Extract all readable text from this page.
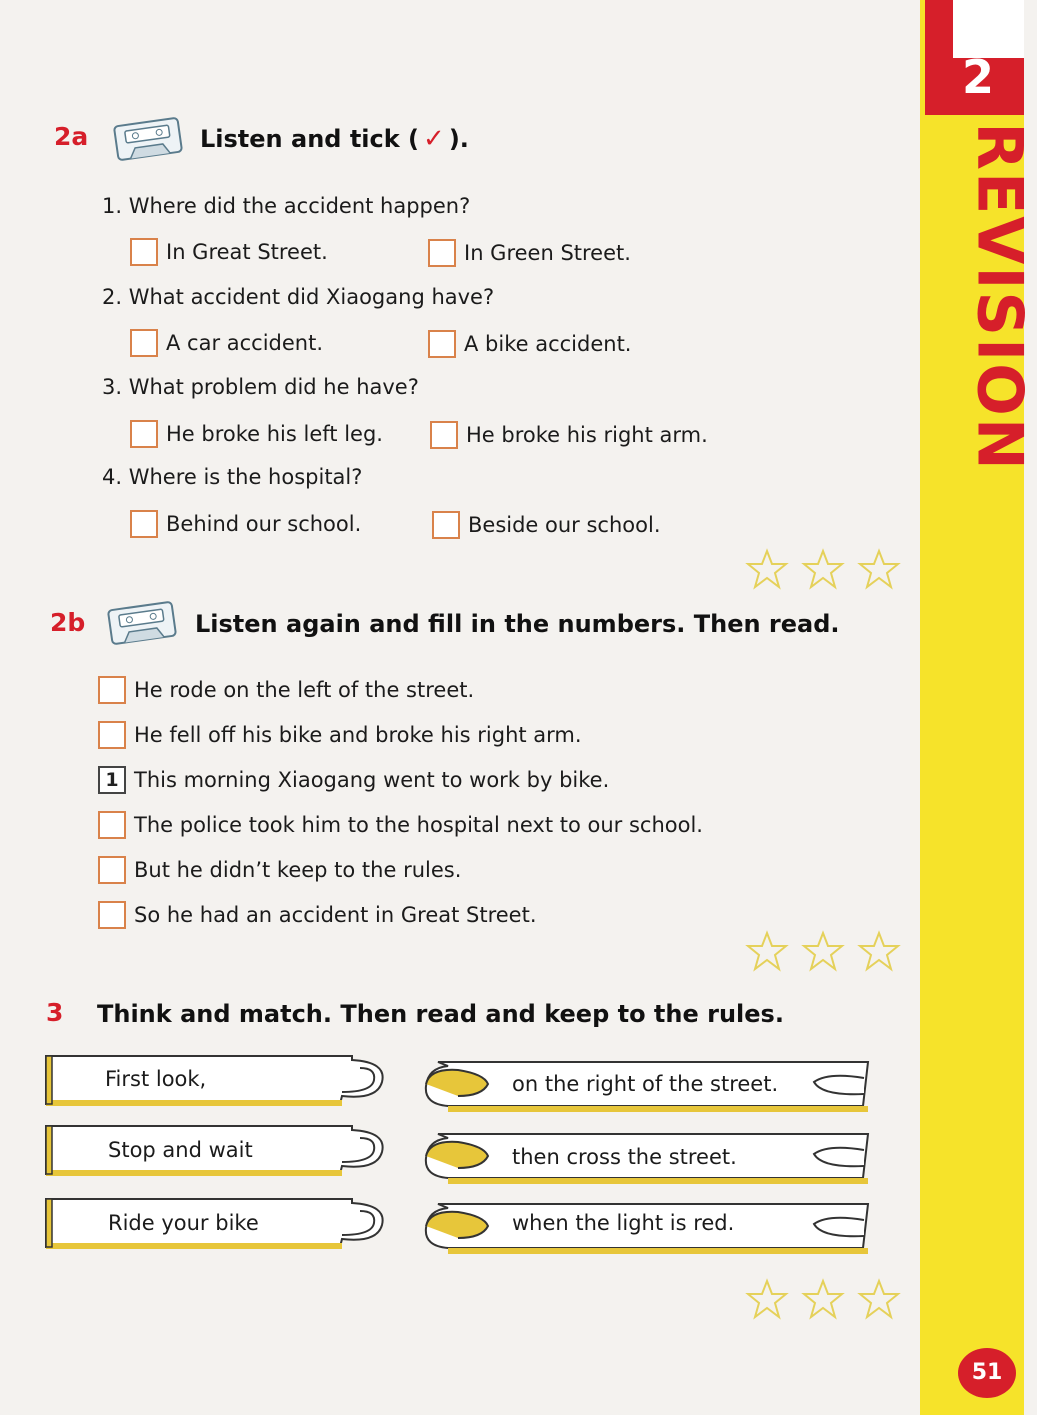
2
REVISION
51
2a	Listen and tick ( ✓ ).
1. Where did the accident happen?
In Great Street.	In Green Street.
2. What accident did Xiaogang have?
A car accident.	A bike accident.
3. What problem did he have?
He broke his left leg.	He broke his right arm.
4. Where is the hospital?
Behind our school.	Beside our school.
2b	Listen again and fill in the numbers. Then read.
He rode on the left of the street.
He fell off his bike and broke his right arm.
1 This morning Xiaogang went to work by bike.
The police took him to the hospital next to our school.
But he didn’t keep to the rules.
So he had an accident in Great Street.
3 Think and match. Then read and keep to the rules.
First look,
Stop and wait
Ride your bike
on the right of the street.
then cross the street.
when the light is red.
